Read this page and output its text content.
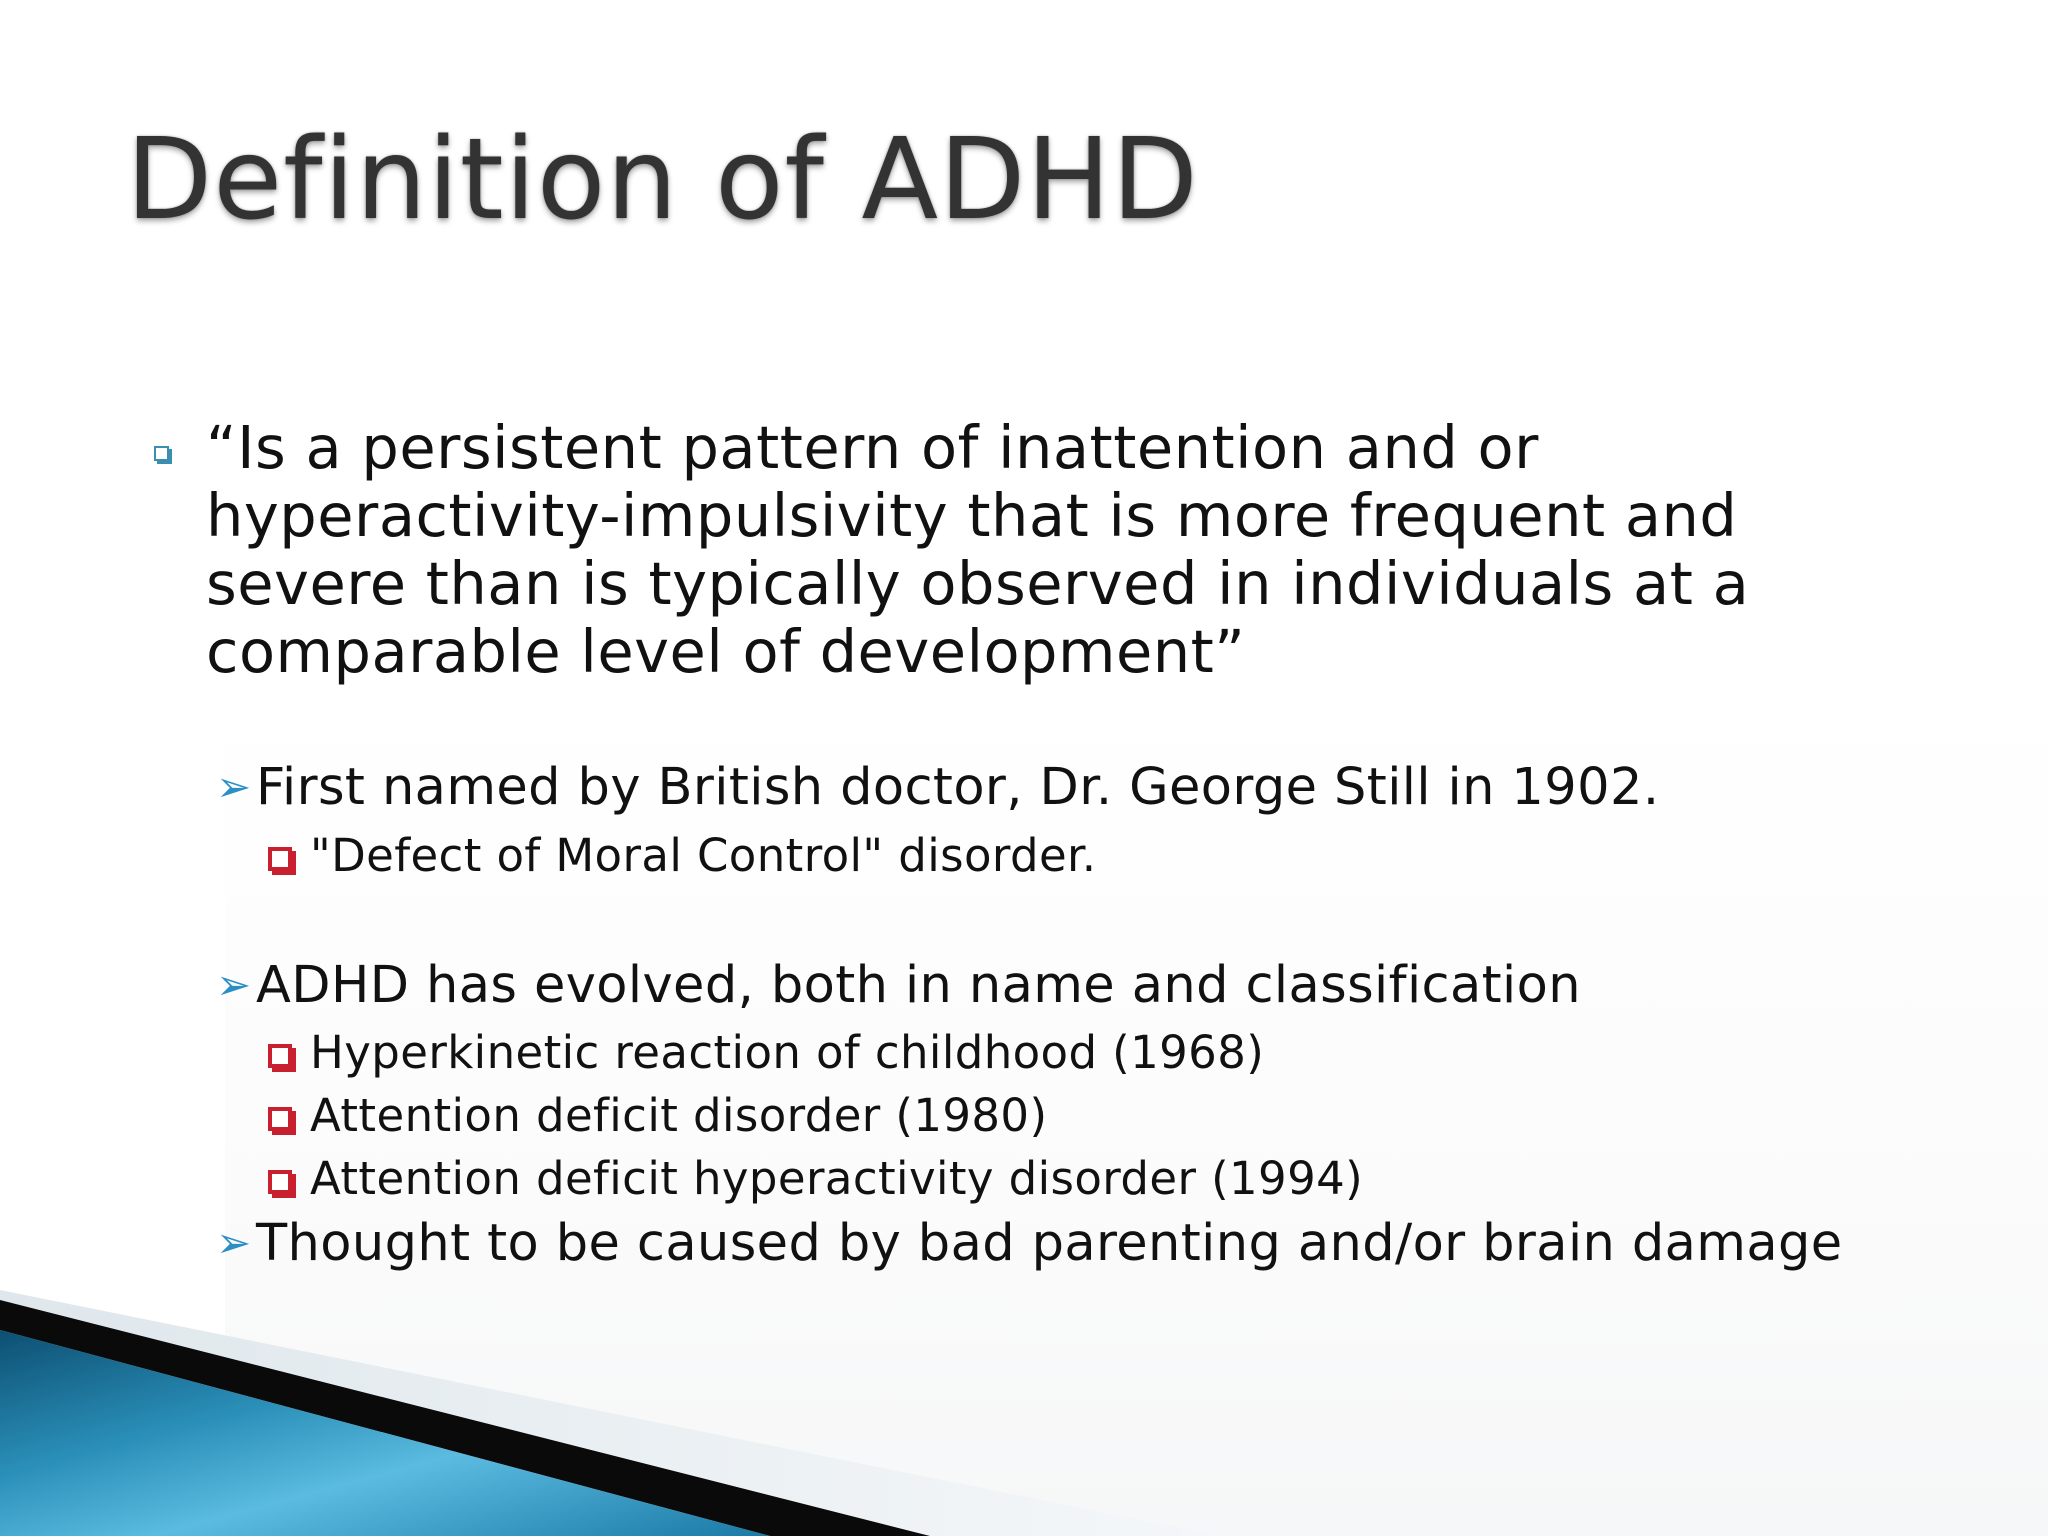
Definition of ADHD
“Is a persistent pattern of inattention and or
hyperactivity-impulsivity that is more frequent and
severe than is typically observed in individuals at a
comparable level of development”
➢First named by British doctor, Dr. George Still in 1902.
"Defect of Moral Control" disorder.
➢ADHD has evolved, both in name and classification
Hyperkinetic reaction of childhood (1968)
Attention deficit disorder (1980)
Attention deficit hyperactivity disorder (1994)
➢Thought to be caused by bad parenting and/or brain damage
